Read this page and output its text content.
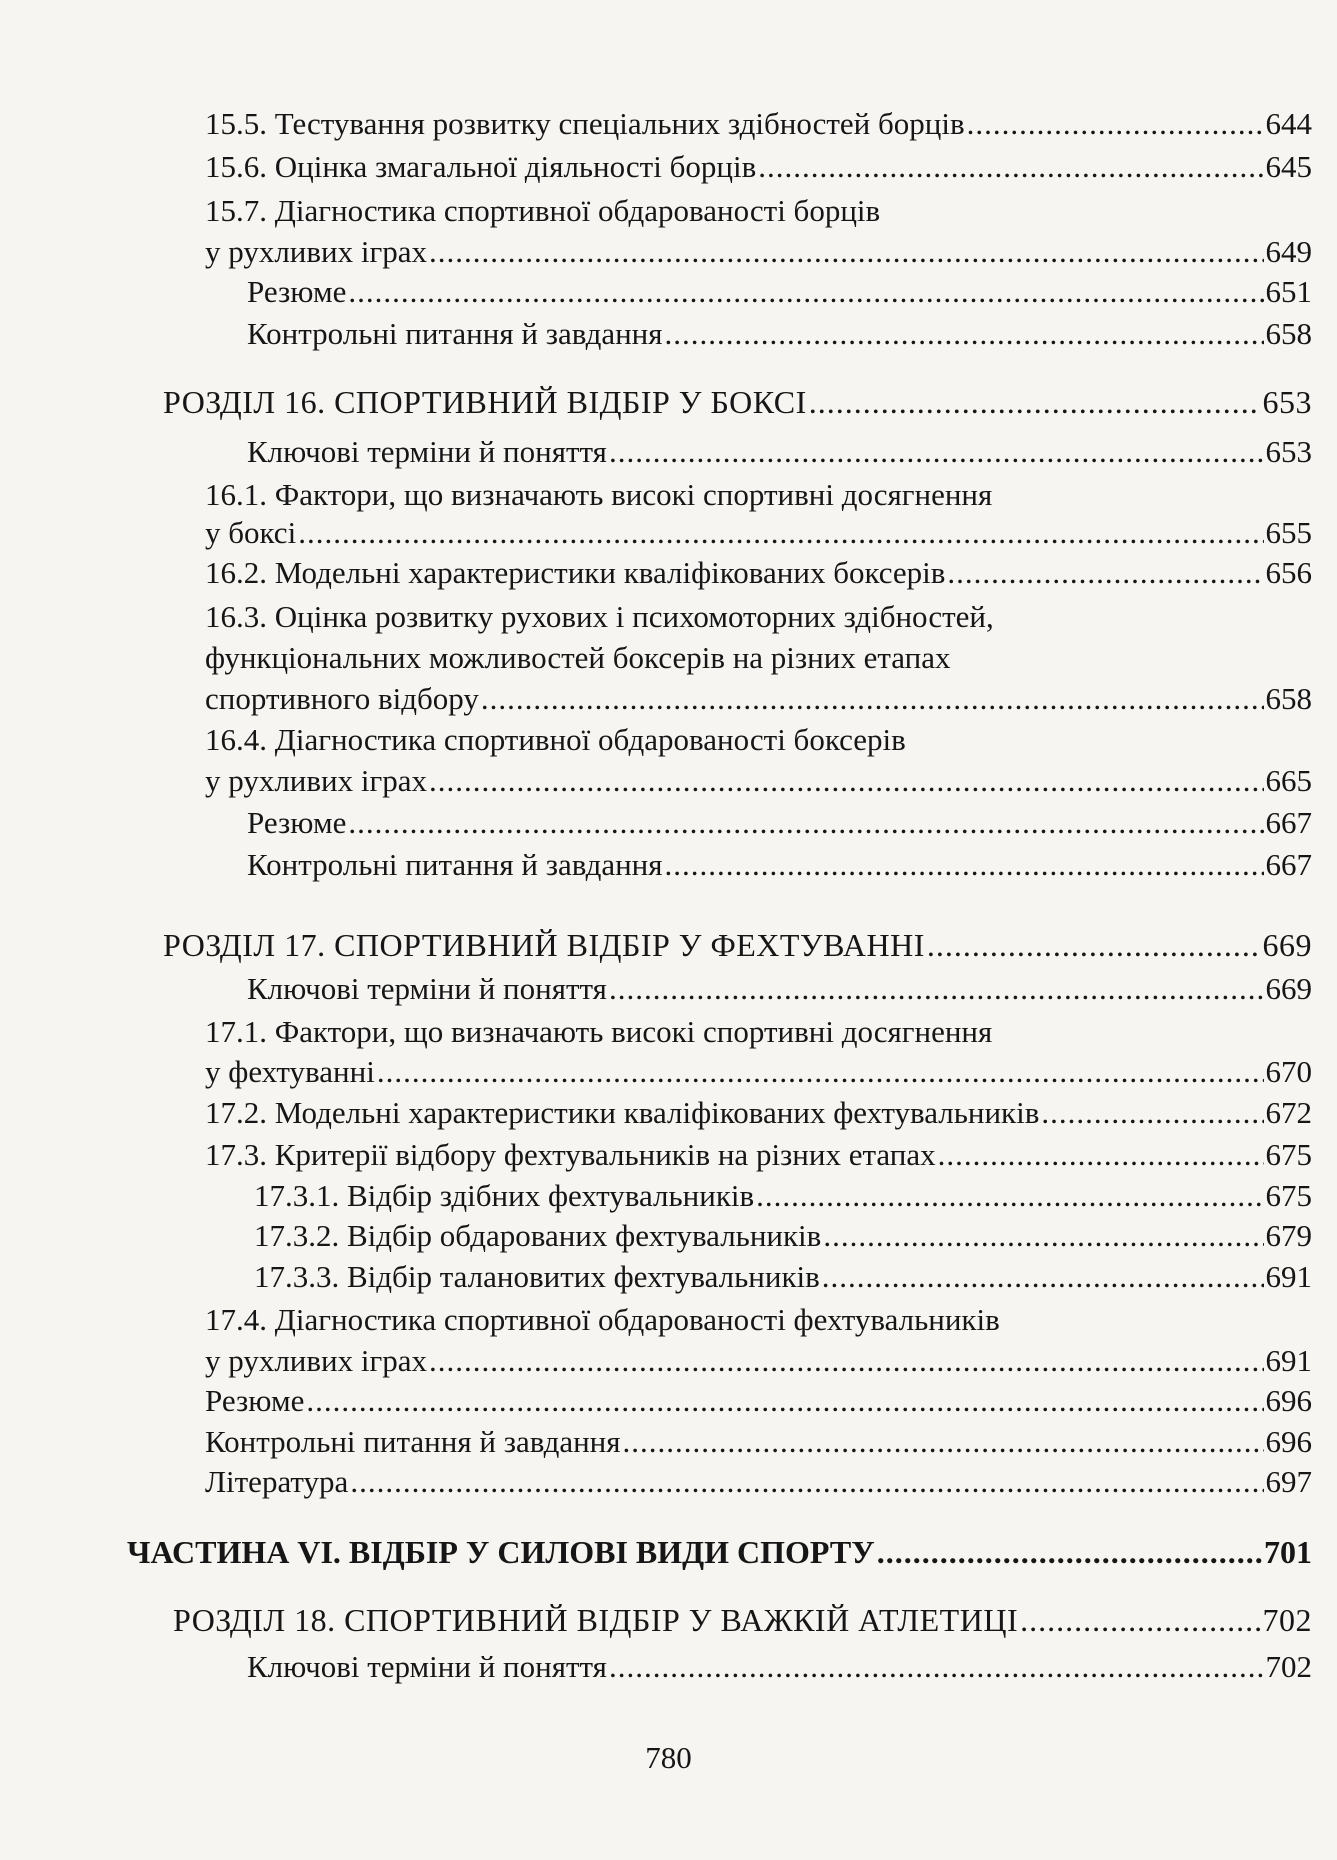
15.5. Тестування розвитку спеціальних здібностей борців .....	644
15.6. Оцінка змагальної діяльності борців .....	645
15.7. Діагностика спортивної обдарованості борців
у рухливих іграх .....	649
Резюме .....	651
Контрольні питання й завдання .....	658
РОЗДІЛ 16. СПОРТИВНИЙ ВІДБІР У БОКСІ .....	653
Ключові терміни й поняття .....	653
16.1. Фактори, що визначають високі спортивні досягнення
у боксі .....	655
16.2. Модельні характеристики кваліфікованих боксерів .....	656
16.3. Оцінка розвитку рухових і психомоторних здібностей,
функціональних можливостей боксерів на різних етапах
спортивного відбору .....	658
16.4. Діагностика спортивної обдарованості боксерів
у рухливих іграх .....	665
Резюме .....	667
Контрольні питання й завдання .....	667
РОЗДІЛ 17. СПОРТИВНИЙ ВІДБІР У ФЕХТУВАННІ .....	669
Ключові терміни й поняття .....	669
17.1. Фактори, що визначають високі спортивні досягнення
у фехтуванні .....	670
17.2. Модельні характеристики кваліфікованих фехтувальників .....	672
17.3. Критерії відбору фехтувальників на різних етапах .....	675
17.3.1. Відбір здібних фехтувальників .....	675
17.3.2. Відбір обдарованих фехтувальників .....	679
17.3.3. Відбір талановитих фехтувальників .....	691
17.4. Діагностика спортивної обдарованості фехтувальників
у рухливих іграх .....	691
Резюме .....	696
Контрольні питання й завдання .....	696
Література .....	697
ЧАСТИНА VI. ВІДБІР У СИЛОВІ ВИДИ СПОРТУ .....	701
РОЗДІЛ 18. СПОРТИВНИЙ ВІДБІР У ВАЖКІЙ АТЛЕТИЦІ .....	702
Ключові терміни й поняття .....	702
780
